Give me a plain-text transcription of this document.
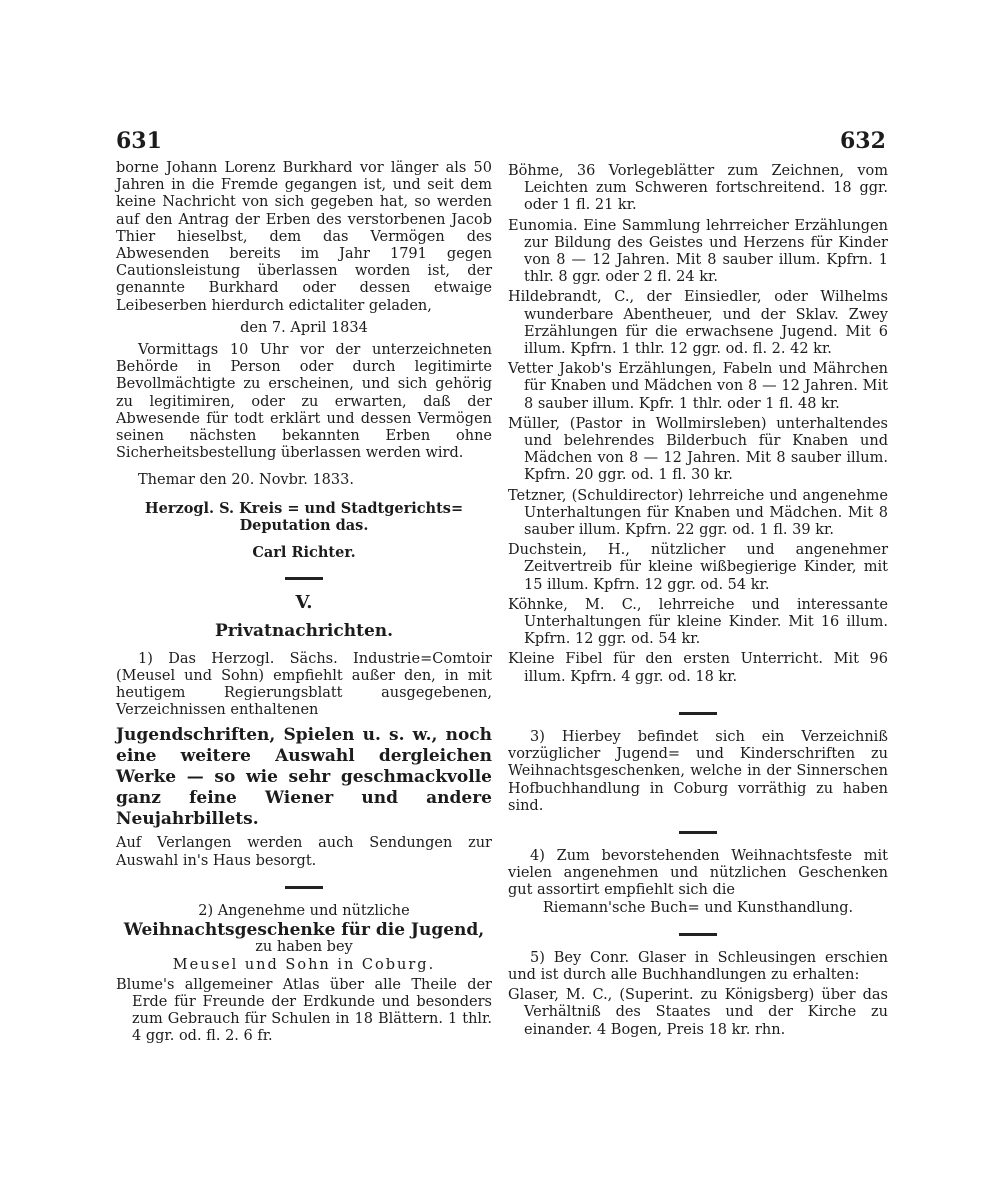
631	632

borne Johann Lorenz Burkhard vor länger als 50 Jahren in die Fremde gegangen ist, und seit dem keine Nachricht von sich gegeben hat, so werden auf den Antrag der Erben des verstorbenen Jacob Thier hieselbst, dem das Vermögen des Abwesenden bereits im Jahr 1791 gegen Cautionsleistung überlassen worden ist, der genannte Burkhard oder dessen etwaige Leibeserben hierdurch edictaliter geladen,

den 7. April 1834

Vormittags 10 Uhr vor der unterzeichneten Behörde in Person oder durch legitimirte Bevollmächtigte zu erscheinen, und sich gehörig zu legitimiren, oder zu erwarten, daß der Abwesende für todt erklärt und dessen Vermögen seinen nächsten bekannten Erben ohne Sicherheitsbestellung überlassen werden wird.

Themar den 20. Novbr. 1833.

Herzogl. S. Kreis = und Stadtgerichts=

Deputation das.

Carl Richter.

V.

Privatnachrichten.

1) Das Herzogl. Sächs. Industrie=Comtoir (Meusel und Sohn) empfiehlt außer den, in mit heutigem Regierungsblatt ausgegebenen, Verzeichnissen enthaltenen

Jugendschriften, Spielen u. s. w., noch eine weitere Auswahl dergleichen Werke — so wie sehr geschmackvolle ganz feine Wiener und andere Neujahrbillets.

Auf Verlangen werden auch Sendungen zur Auswahl in's Haus besorgt.

2) Angenehme und nützliche

Weihnachtsgeschenke für die Jugend,

zu haben bey

Meusel und Sohn in Coburg.

Blume's allgemeiner Atlas über alle Theile der Erde für Freunde der Erdkunde und besonders zum Gebrauch für Schulen in 18 Blättern. 1 thlr. 4 ggr. od. fl. 2. 6 fr.

Böhme, 36 Vorlegeblätter zum Zeichnen, vom Leichten zum Schweren fortschreitend. 18 ggr. oder 1 fl. 21 kr.

Eunomia. Eine Sammlung lehrreicher Erzählungen zur Bildung des Geistes und Herzens für Kinder von 8 — 12 Jahren. Mit 8 sauber illum. Kpfrn. 1 thlr. 8 ggr. oder 2 fl. 24 kr.

Hildebrandt, C., der Einsiedler, oder Wilhelms wunderbare Abentheuer, und der Sklav. Zwey Erzählungen für die erwachsene Jugend. Mit 6 illum. Kpfrn. 1 thlr. 12 ggr. od. fl. 2. 42 kr.

Vetter Jakob's Erzählungen, Fabeln und Mährchen für Knaben und Mädchen von 8 — 12 Jahren. Mit 8 sauber illum. Kpfr. 1 thlr. oder 1 fl. 48 kr.

Müller, (Pastor in Wollmirsleben) unterhaltendes und belehrendes Bilderbuch für Knaben und Mädchen von 8 — 12 Jahren. Mit 8 sauber illum. Kpfrn. 20 ggr. od. 1 fl. 30 kr.

Tetzner, (Schuldirector) lehrreiche und angenehme Unterhaltungen für Knaben und Mädchen. Mit 8 sauber illum. Kpfrn. 22 ggr. od. 1 fl. 39 kr.

Duchstein, H., nützlicher und angenehmer Zeitvertreib für kleine wißbegierige Kinder, mit 15 illum. Kpfrn. 12 ggr. od. 54 kr.

Köhnke, M. C., lehrreiche und interessante Unterhaltungen für kleine Kinder. Mit 16 illum. Kpfrn. 12 ggr. od. 54 kr.

Kleine Fibel für den ersten Unterricht. Mit 96 illum. Kpfrn. 4 ggr. od. 18 kr.

3) Hierbey befindet sich ein Verzeichniß vorzüglicher Jugend= und Kinderschriften zu Weihnachtsgeschenken, welche in der Sinnerschen Hofbuchhandlung in Coburg vorräthig zu haben sind.

4) Zum bevorstehenden Weihnachtsfeste mit vielen angenehmen und nützlichen Geschenken gut assortirt empfiehlt sich die

Riemann'sche Buch= und Kunsthandlung.

5) Bey Conr. Glaser in Schleusingen erschien und ist durch alle Buchhandlungen zu erhalten:

Glaser, M. C., (Superint. zu Königsberg) über das Verhältniß des Staates und der Kirche zu einander. 4 Bogen, Preis 18 kr. rhn.
